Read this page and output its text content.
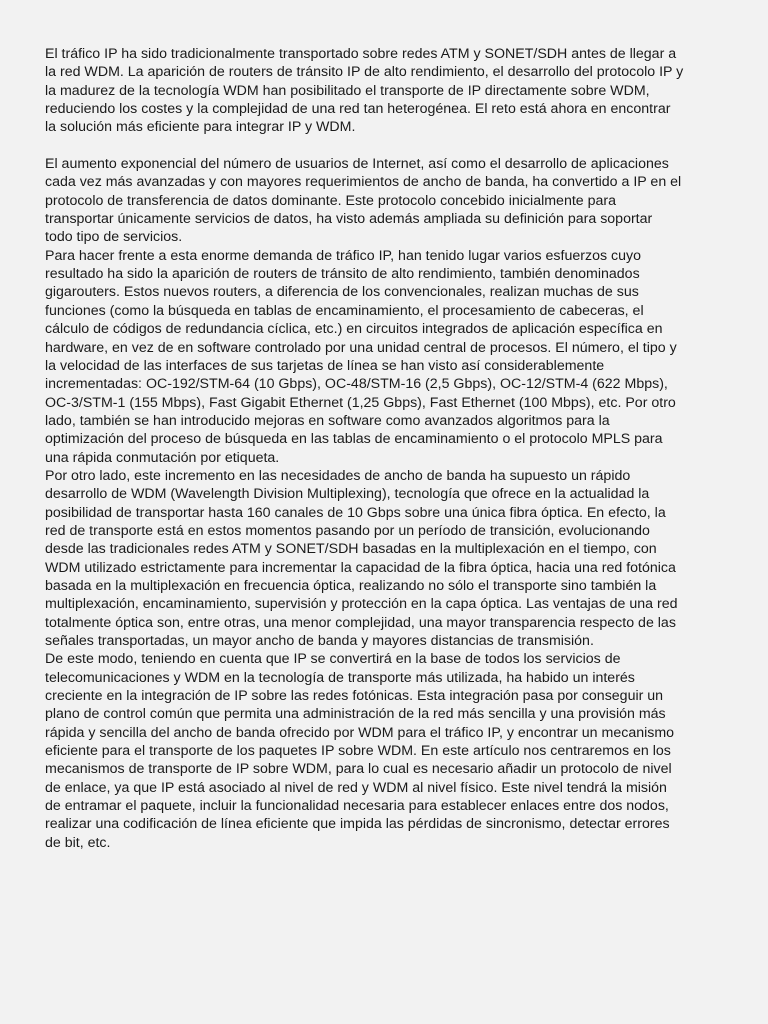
El tráfico IP ha sido tradicionalmente transportado sobre redes ATM y SONET/SDH antes de llegar a
la red WDM. La aparición de routers de tránsito IP de alto rendimiento, el desarrollo del protocolo IP y
la madurez de la tecnología WDM han posibilitado el transporte de IP directamente sobre WDM,
reduciendo los costes y la complejidad de una red tan heterogénea. El reto está ahora en encontrar
la solución más eficiente para integrar IP y WDM.

El aumento exponencial del número de usuarios de Internet, así como el desarrollo de aplicaciones
cada vez más avanzadas y con mayores requerimientos de ancho de banda, ha convertido a IP en el
protocolo de transferencia de datos dominante. Este protocolo concebido inicialmente para
transportar únicamente servicios de datos, ha visto además ampliada su definición para soportar
todo tipo de servicios.

Para hacer frente a esta enorme demanda de tráfico IP, han tenido lugar varios esfuerzos cuyo
resultado ha sido la aparición de routers de tránsito de alto rendimiento, también denominados
gigarouters. Estos nuevos routers, a diferencia de los convencionales, realizan muchas de sus
funciones (como la búsqueda en tablas de encaminamiento, el procesamiento de cabeceras, el
cálculo de códigos de redundancia cíclica, etc.) en circuitos integrados de aplicación específica en
hardware, en vez de en software controlado por una unidad central de procesos. El número, el tipo y
la velocidad de las interfaces de sus tarjetas de línea se han visto así considerablemente
incrementadas: OC-192/STM-64 (10 Gbps), OC-48/STM-16 (2,5 Gbps), OC-12/STM-4 (622 Mbps),
OC-3/STM-1 (155 Mbps), Fast Gigabit Ethernet (1,25 Gbps), Fast Ethernet (100 Mbps), etc. Por otro
lado, también se han introducido mejoras en software como avanzados algoritmos para la
optimización del proceso de búsqueda en las tablas de encaminamiento o el protocolo MPLS para
una rápida conmutación por etiqueta.

Por otro lado, este incremento en las necesidades de ancho de banda ha supuesto un rápido
desarrollo de WDM (Wavelength Division Multiplexing), tecnología que ofrece en la actualidad la
posibilidad de transportar hasta 160 canales de 10 Gbps sobre una única fibra óptica. En efecto, la
red de transporte está en estos momentos pasando por un período de transición, evolucionando
desde las tradicionales redes ATM y SONET/SDH basadas en la multiplexación en el tiempo, con
WDM utilizado estrictamente para incrementar la capacidad de la fibra óptica, hacia una red fotónica
basada en la multiplexación en frecuencia óptica, realizando no sólo el transporte sino también la
multiplexación, encaminamiento, supervisión y protección en la capa óptica. Las ventajas de una red
totalmente óptica son, entre otras, una menor complejidad, una mayor transparencia respecto de las
señales transportadas, un mayor ancho de banda y mayores distancias de transmisión.

De este modo, teniendo en cuenta que IP se convertirá en la base de todos los servicios de
telecomunicaciones y WDM en la tecnología de transporte más utilizada, ha habido un interés
creciente en la integración de IP sobre las redes fotónicas. Esta integración pasa por conseguir un
plano de control común que permita una administración de la red más sencilla y una provisión más
rápida y sencilla del ancho de banda ofrecido por WDM para el tráfico IP, y encontrar un mecanismo
eficiente para el transporte de los paquetes IP sobre WDM. En este artículo nos centraremos en los
mecanismos de transporte de IP sobre WDM, para lo cual es necesario añadir un protocolo de nivel
de enlace, ya que IP está asociado al nivel de red y WDM al nivel físico. Este nivel tendrá la misión
de entramar el paquete, incluir la funcionalidad necesaria para establecer enlaces entre dos nodos,
realizar una codificación de línea eficiente que impida las pérdidas de sincronismo, detectar errores
de bit, etc.
